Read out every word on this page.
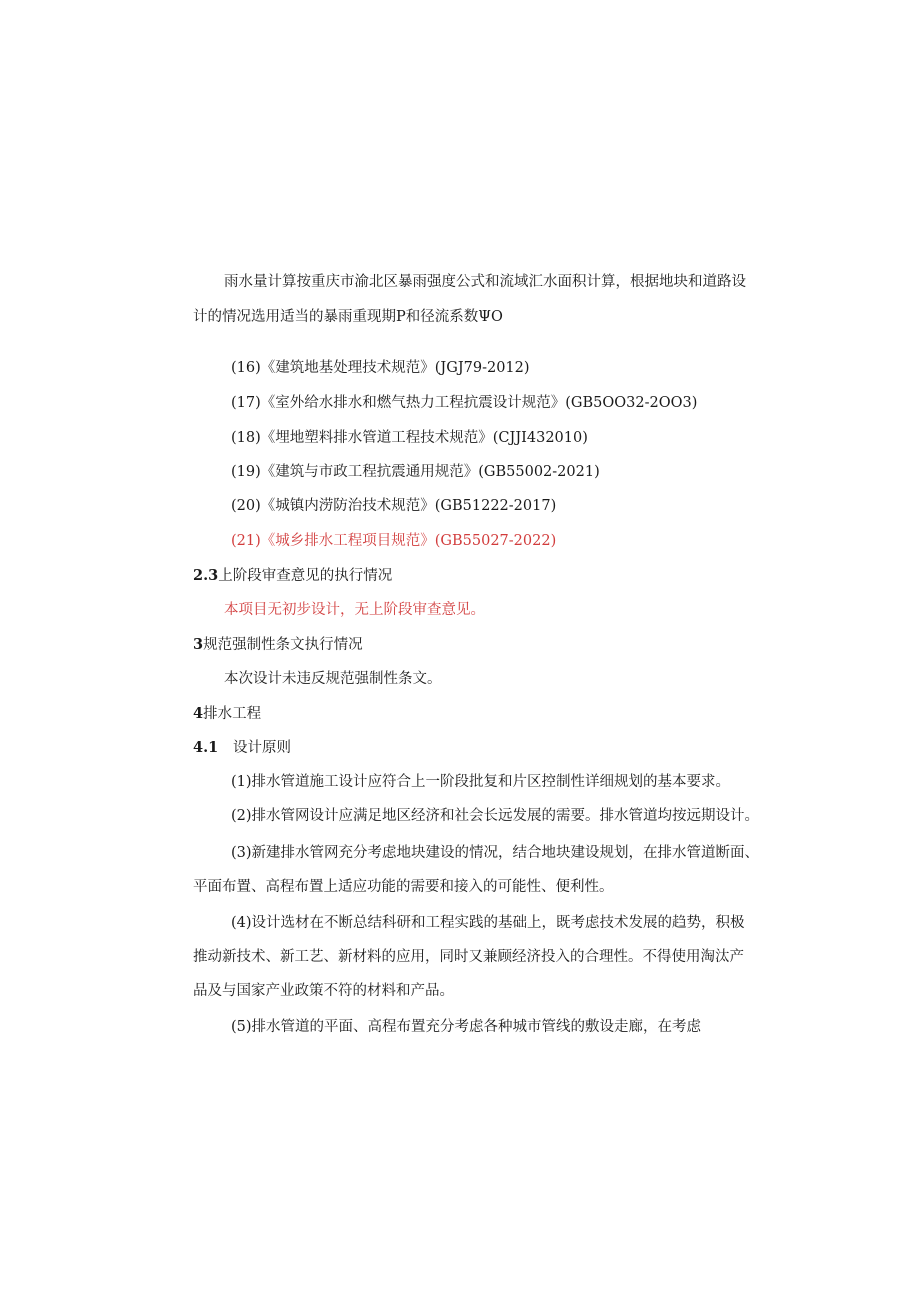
雨水量计算按重庆市渝北区暴雨强度公式和流域汇水面积计算，根据地块和道路设
计的情况选用适当的暴雨重现期P和径流系数ΨO
(16)《建筑地基处理技术规范》(JGJ79-2012)
(17)《室外给水排水和燃气热力工程抗震设计规范》(GB5OO32-2OO3)
(18)《埋地塑料排水管道工程技术规范》(CJJI432010)
(19)《建筑与市政工程抗震通用规范》(GB55002-2021)
(20)《城镇内涝防治技术规范》(GB51222-2017)
(21)《城乡排水工程项目规范》(GB55027-2022)
2.3上阶段审查意见的执行情况
本项目无初步设计，无上阶段审查意见。
3规范强制性条文执行情况
本次设计未违反规范强制性条文。
4排水工程
4.1 设计原则
(1)排水管道施工设计应符合上一阶段批复和片区控制性详细规划的基本要求。
(2)排水管网设计应满足地区经济和社会长远发展的需要。排水管道均按远期设计。
(3)新建排水管网充分考虑地块建设的情况，结合地块建设规划，在排水管道断面、
平面布置、高程布置上适应功能的需要和接入的可能性、便利性。
(4)设计选材在不断总结科研和工程实践的基础上，既考虑技术发展的趋势，积极
推动新技术、新工艺、新材料的应用，同时又兼顾经济投入的合理性。不得使用淘汰产
品及与国家产业政策不符的材料和产品。
(5)排水管道的平面、高程布置充分考虑各种城市管线的敷设走廊，在考虑
